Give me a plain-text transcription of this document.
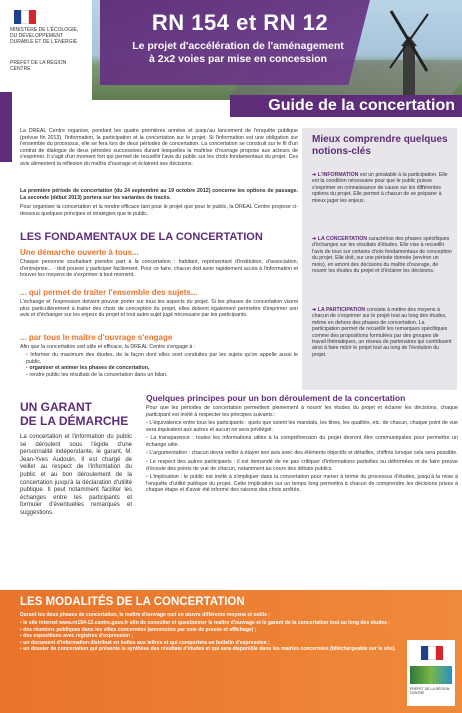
RN 154 et RN 12
Le projet d'accélération de l'aménagement
à 2x2 voies par mise en concession
Guide de la concertation
MINISTÈRE DE L'ÉCOLOGIE, DU DÉVELOPPEMENT DURABLE ET DE L'ÉNERGIE
PRÉFET DE LA RÉGION CENTRE
La DREAL Centre organise, pendant les quatre premières années et jusqu'au lancement de l'enquête publique (prévue fin 2013), l'information, la participation et la concertation sur le projet. Si l'information est une obligation sur l'ensemble du processus, elle se fera lors de deux périodes de concertation. La concertation se construit sur le fil d'un contrat de dialogue de deux périodes successives durant lesquelles la maîtrise d'ouvrage propose aux acteurs de s'exprimer. Il s'agit d'un moment fort qui permet de recueillir l'avis du public sur les choix fondamentaux du projet. Ces avis alimentent la réflexion du maître d'ouvrage et éclairent ses décisions.
La première période de concertation (du 24 septembre au 19 octobre 2012) concerne les options de passage. La seconde (début 2013) portera sur les variantes de tracés.
Pour organiser la concertation et la rendre efficace tant pour le projet que pour le public, la DREAL Centre propose ci-dessous quelques principes et stratégies que le public.
LES FONDAMENTAUX DE LA CONCERTATION
Une démarche ouverte à tous...
Chaque personne souhaitant prendre part à la concertation : habitant, représentant d'institution, d'association, d'entreprise... - doit pouvoir y participer facilement. Pour ce faire, chacun doit avoir rapidement accès à l'information et trouver les moyens de s'exprimer à tout moment.
... qui permet de traiter l'ensemble des sujets...
L'échange et l'expression doivent pouvoir porter sur tous les aspects du projet. Si les phases de concertation visent plus particulièrement à traiter des choix de conception du projet, elles doivent également permettre d'exprimer son avis et d'échanger sur les enjeux du projet et tout autre sujet jugé nécessaire par les participants.
... par tous le maître d'ouvrage s'engage
Afin que la concertation soit utile et efficace, la DREAL Centre s'engage à :
• Informer du maximum des études, de la façon dont elles sont conduites par les sujets qu'on appelle aussi le public,
• organiser et animer les phases de concertation,
• rendre public les résultats de la concertation dans un bilan.
Mieux comprendre quelques
notions-clés
➔ L'INFORMATION est un préalable à la participation. Elle est la condition nécessaire pour que le public puisse s'exprimer en connaissance de cause sur les différentes options du projet. Elle permet à chacun de se préparer à mieux juger les enjeux.
➔ LA CONCERTATION caractérise des phases spécifiques d'échanges sur les résultats d'études. Elle vise à recueillir l'avis de tous sur certains choix fondamentaux de conception du projet. Elle doit, sur une période donnée (environ un mois), en amont des décisions du maître d'ouvrage, de nourrir les études du projet et d'éclairer les décisions.
➔ LA PARTICIPATION consiste à mettre des moyens à chacun de s'exprimer sur le projet tout au long des études, même en dehors des phases de concertation. La participation permet de recueillir les remarques spécifiques comme des propositions formulées par des groupes de travail thématiques, un réseau de partenaires qui contribuent ainsi à faire mûrir le projet tout au long de l'évolution du projet.
UN GARANT
DE LA DÉMARCHE
La concertation et l'information du public se déroulent sous l'égide d'une personnalité indépendante, le garant, M. Jean-Yves Audouin. Il est chargé de veiller au respect de l'information du public et au bon déroulement de la concertation jusqu'à la déclaration d'utilité publique. Il peut notamment faciliter les échanges entre les participants et formuler d'éventuelles remarques et suggestions.
Quelques principes pour un bon déroulement de la concertation
Pour que les périodes de concertation permettent pleinement à nourrir les études du projet et éclairer les décisions, chaque participant est invité à respecter les principes suivants :
• L'équivalence entre tous les participants : quels que soient les mandats, les titres, les qualités, etc. de chacun, chaque point de vue sera équivalent aux autres et aucun ne sera privilégié.
• La transparence : toutes les informations utiles à la compréhension du projet devront être communiquées pour permettre un échange utile.
• L'argumentation : chacun devra veiller à étayer son avis avec des éléments objectifs et détaillés, chiffrés lorsque cela sera possible.
• Le respect des autres participants : il est demandé de ne pas critiquer d'informations partielles ou déformées et de faire preuve d'écoute des points de vue de chacun, notamment au cours des débats publics.
• L'implication : le public est invité à s'impliquer dans la concertation pour mener à terme du processus d'études, jusqu'à la mise à l'enquête d'utilité publique du projet. Cette implication sur un temps long permettra à chacun de comprendre les décisions prises à chaque étape et d'avoir été informé des raisons des choix arrêtés.
LES MODALITÉS DE LA CONCERTATION
Durant les deux phases de concertation, le maître d'ouvrage met en œuvre différents moyens et outils :
• le site internet www.rn154-12.centre.gouv.fr afin de consulter et questionner le maître d'ouvrage et le garant de la concertation tout au long des études ;
• des réunions publiques dans les villes concernées (annoncées par voie de presse et affichage) ;
• des expositions avec registres d'expression ;
• un document d'information distribué en boîtes aux lettres et qui comportera un bulletin d'expression ;
• un dossier de concertation qui présente la synthèse des résultats d'études et qui sera disponible dans les mairies concernées (téléchargeable sur le site).
PRÉFET DE LA RÉGION CENTRE
